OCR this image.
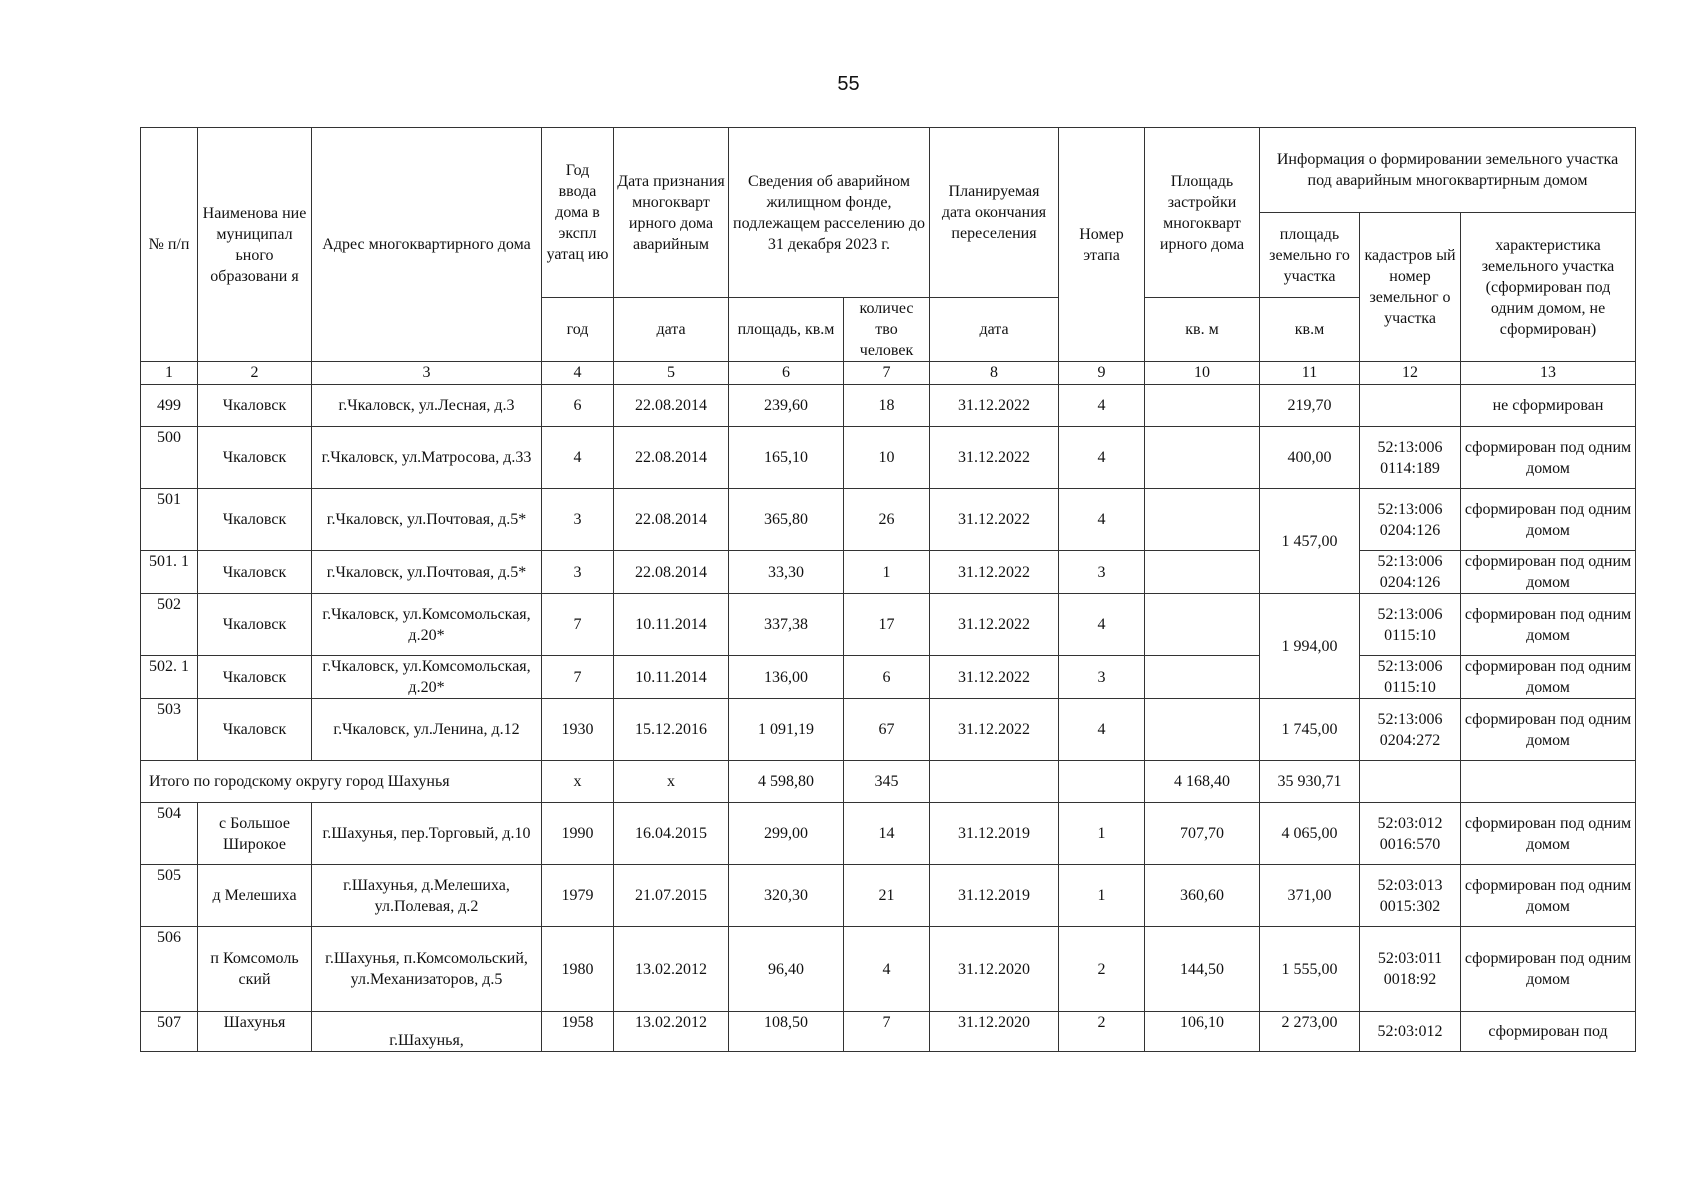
55
№ п/п	Наименова ние муниципал ьного образовани я	Адрес многоквартирного дома	Год ввода дома в экспл уатац ию	Дата признания многокварт ирного дома аварийным	Сведения об аварийном жилищном фонде, подлежащем расселению до 31 декабря 2023 г.		Планируемая дата окончания переселения	Номер этапа	Площадь застройки многокварт ирного дома	Информация о формировании земельного участка под аварийным многоквартирным домом		
										площадь земельно го участка	кадастров ый номер земельног о участка	характеристика земельного участка (сформирован под одним домом, не сформирован)
			год	дата	площадь, кв.м	количес тво человек	дата		кв. м	кв.м		
1	2	3	4	5	6	7	8	9	10	11	12	13
499	Чкаловск	г.Чкаловск, ул.Лесная, д.3	6	22.08.2014	239,60	18	31.12.2022	4		219,70		не сформирован
500	Чкаловск	г.Чкаловск, ул.Матросова, д.33	4	22.08.2014	165,10	10	31.12.2022	4		400,00	52:13:006 0114:189	сформирован под одним домом
501	Чкаловск	г.Чкаловск, ул.Почтовая, д.5*	3	22.08.2014	365,80	26	31.12.2022	4		1 457,00	52:13:006 0204:126	сформирован под одним домом
501. 1	Чкаловск	г.Чкаловск, ул.Почтовая, д.5*	3	22.08.2014	33,30	1	31.12.2022	3			52:13:006 0204:126	сформирован под одним домом
502	Чкаловск	г.Чкаловск, ул.Комсомольская, д.20*	7	10.11.2014	337,38	17	31.12.2022	4		1 994,00	52:13:006 0115:10	сформирован под одним домом
502. 1	Чкаловск	г.Чкаловск, ул.Комсомольская, д.20*	7	10.11.2014	136,00	6	31.12.2022	3			52:13:006 0115:10	сформирован под одним домом
503	Чкаловск	г.Чкаловск, ул.Ленина, д.12	1930	15.12.2016	1 091,19	67	31.12.2022	4		1 745,00	52:13:006 0204:272	сформирован под одним домом
Итого по городскому округу город Шахунья			х	х	4 598,80	345			4 168,40	35 930,71		
504	с Большое Широкое	г.Шахунья, пер.Торговый, д.10	1990	16.04.2015	299,00	14	31.12.2019	1	707,70	4 065,00	52:03:012 0016:570	сформирован под одним домом
505	д Мелешиха	г.Шахунья, д.Мелешиха, ул.Полевая, д.2	1979	21.07.2015	320,30	21	31.12.2019	1	360,60	371,00	52:03:013 0015:302	сформирован под одним домом
506	п Комсомоль ский	г.Шахунья, п.Комсомольский, ул.Механизаторов, д.5	1980	13.02.2012	96,40	4	31.12.2020	2	144,50	1 555,00	52:03:011 0018:92	сформирован под одним домом
507	Шахунья	г.Шахунья,	1958	13.02.2012	108,50	7	31.12.2020	2	106,10	2 273,00	52:03:012	сформирован под
